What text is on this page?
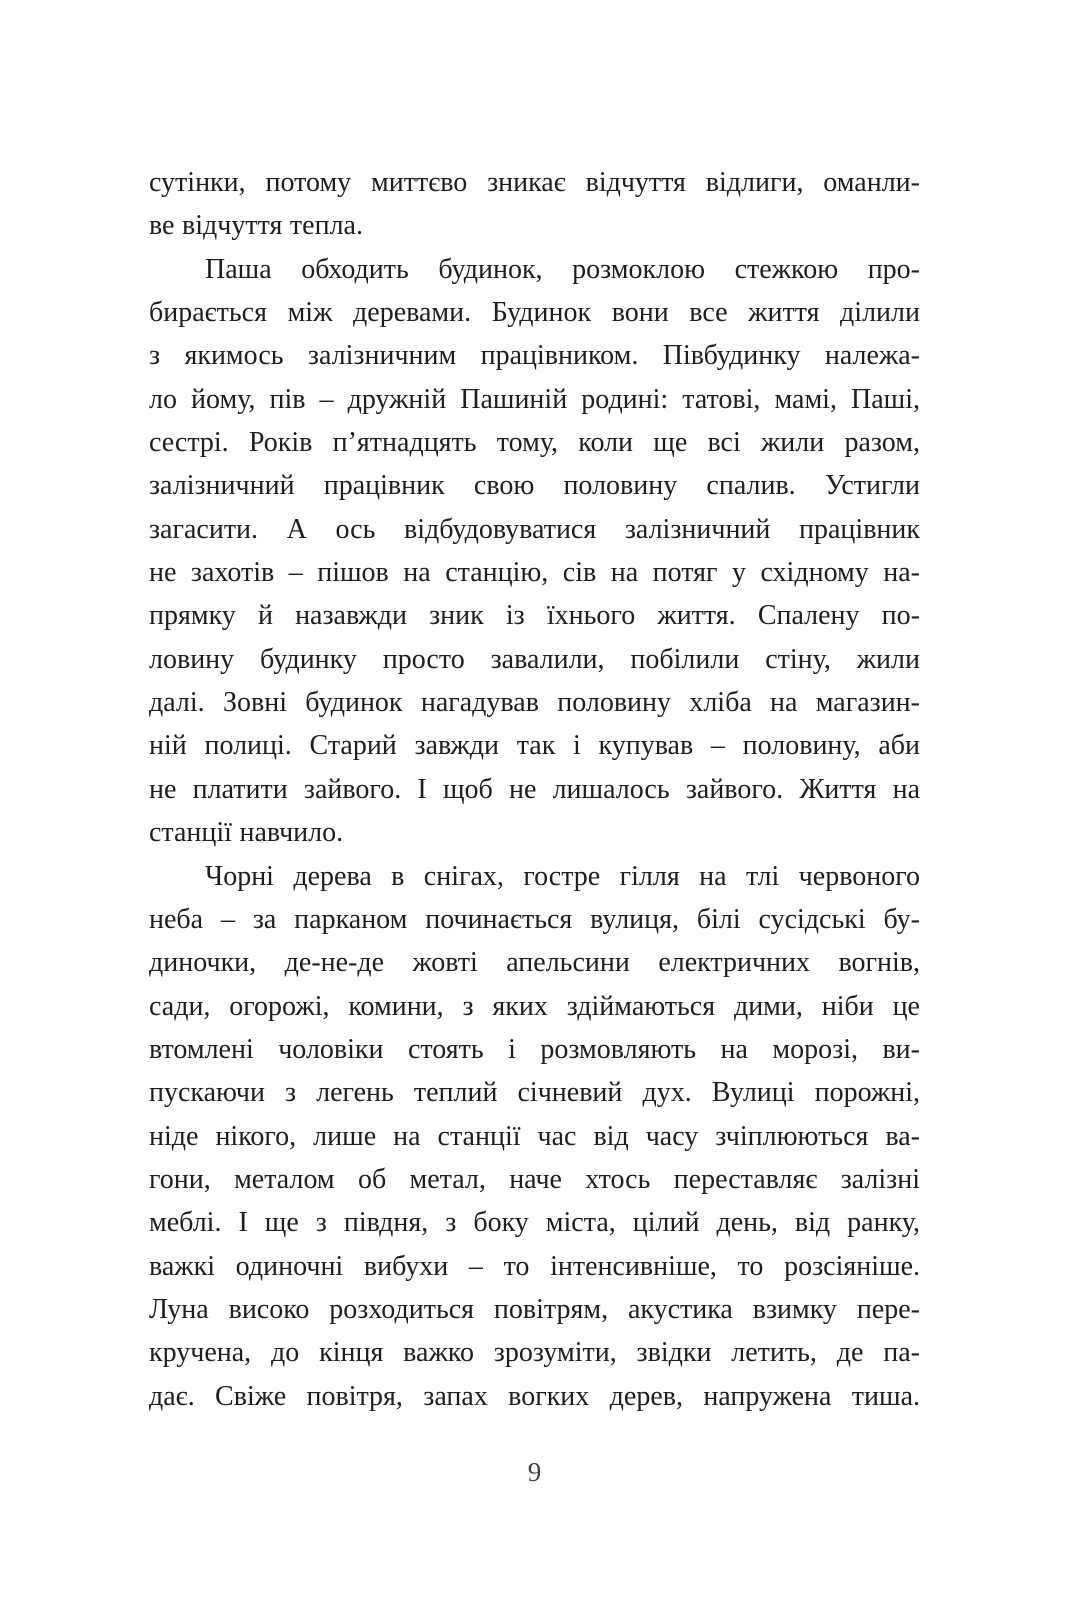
сутінки, потому миттєво зникає відчуття відлиги, оманли-
ве відчуття тепла.
Паша обходить будинок, розмоклою стежкою про-
бирається між деревами. Будинок вони все життя ділили
з якимось залізничним працівником. Півбудинку належа-
ло йому, пів – дружній Пашиній родині: татові, мамі, Паші,
сестрі. Років п’ятнадцять тому, коли ще всі жили разом,
залізничний працівник свою половину спалив. Устигли
загасити. А ось відбудовуватися залізничний працівник
не захотів – пішов на станцію, сів на потяг у східному на-
прямку й назавжди зник із їхнього життя. Спалену по-
ловину будинку просто завалили, побілили стіну, жили
далі. Зовні будинок нагадував половину хліба на магазин-
ній полиці. Старий завжди так і купував – половину, аби
не платити зайвого. І щоб не лишалось зайвого. Життя на
станції навчило.
Чорні дерева в снігах, гостре гілля на тлі червоного
неба – за парканом починається вулиця, білі сусідські бу-
диночки, де-не-де жовті апельсини електричних вогнів,
сади, огорожі, комини, з яких здіймаються дими, ніби це
втомлені чоловіки стоять і розмовляють на морозі, ви-
пускаючи з легень теплий січневий дух. Вулиці порожні,
ніде нікого, лише на станції час від часу зчіплюються ва-
гони, металом об метал, наче хтось переставляє залізні
меблі. І ще з півдня, з боку міста, цілий день, від ранку,
важкі одиночні вибухи – то інтенсивніше, то розсіяніше.
Луна високо розходиться повітрям, акустика взимку пере-
кручена, до кінця важко зрозуміти, звідки летить, де па-
дає. Свіже повітря, запах вогких дерев, напружена тиша.
9
